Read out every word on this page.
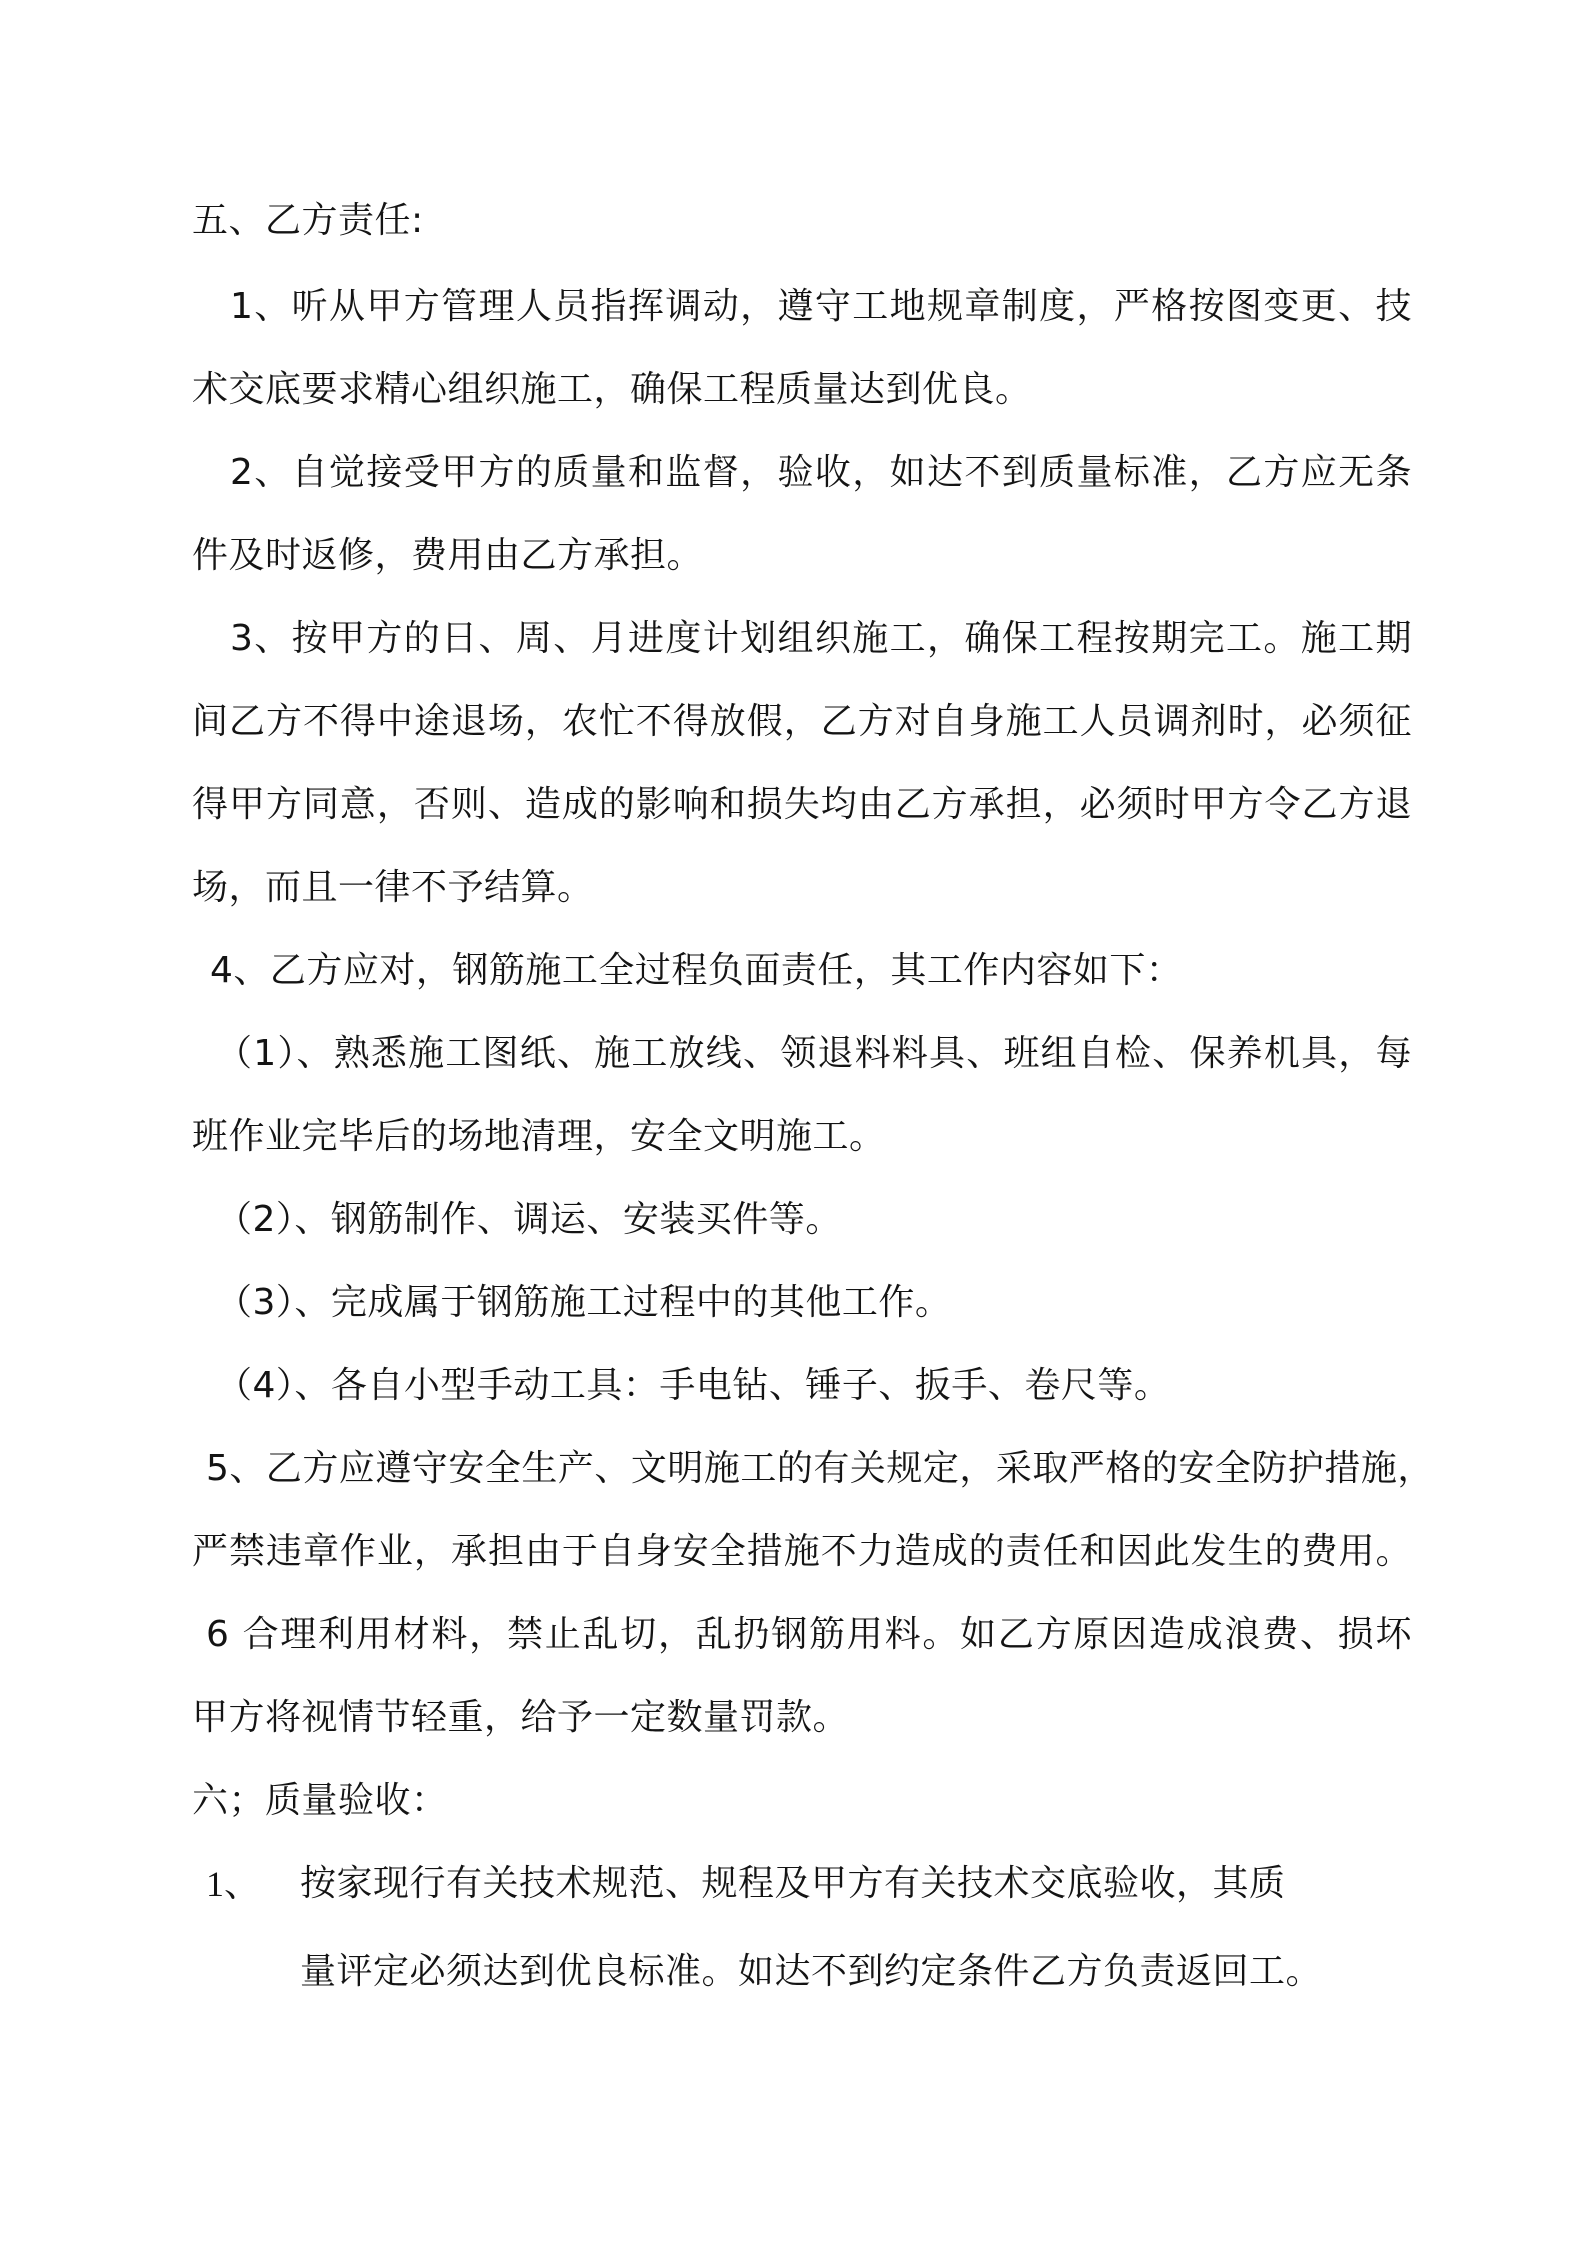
五、乙方责任:
1、听从甲方管理人员指挥调动，遵守工地规章制度，严格按图变更、技
术交底要求精心组织施工，确保工程质量达到优良。
2、自觉接受甲方的质量和监督，验收，如达不到质量标准，乙方应无条
件及时返修，费用由乙方承担。
3、按甲方的日、周、月进度计划组织施工，确保工程按期完工。施工期
间乙方不得中途退场，农忙不得放假，乙方对自身施工人员调剂时，必须征
得甲方同意，否则、造成的影响和损失均由乙方承担，必须时甲方令乙方退
场，而且一律不予结算。
4、乙方应对，钢筋施工全过程负面责任，其工作内容如下：
（1）、熟悉施工图纸、施工放线、领退料料具、班组自检、保养机具，每
班作业完毕后的场地清理，安全文明施工。
（2）、钢筋制作、调运、安装买件等。
（3）、完成属于钢筋施工过程中的其他工作。
（4）、各自小型手动工具：手电钻、锤子、扳手、卷尺等。
5、乙方应遵守安全生产、文明施工的有关规定，采取严格的安全防护措施，
严禁违章作业，承担由于自身安全措施不力造成的责任和因此发生的费用。
6 合理利用材料，禁止乱切，乱扔钢筋用料。如乙方原因造成浪费、损坏
甲方将视情节轻重，给予一定数量罚款。
六；质量验收：
1、 按家现行有关技术规范、规程及甲方有关技术交底验收，其质
量评定必须达到优良标准。如达不到约定条件乙方负责返回工。
